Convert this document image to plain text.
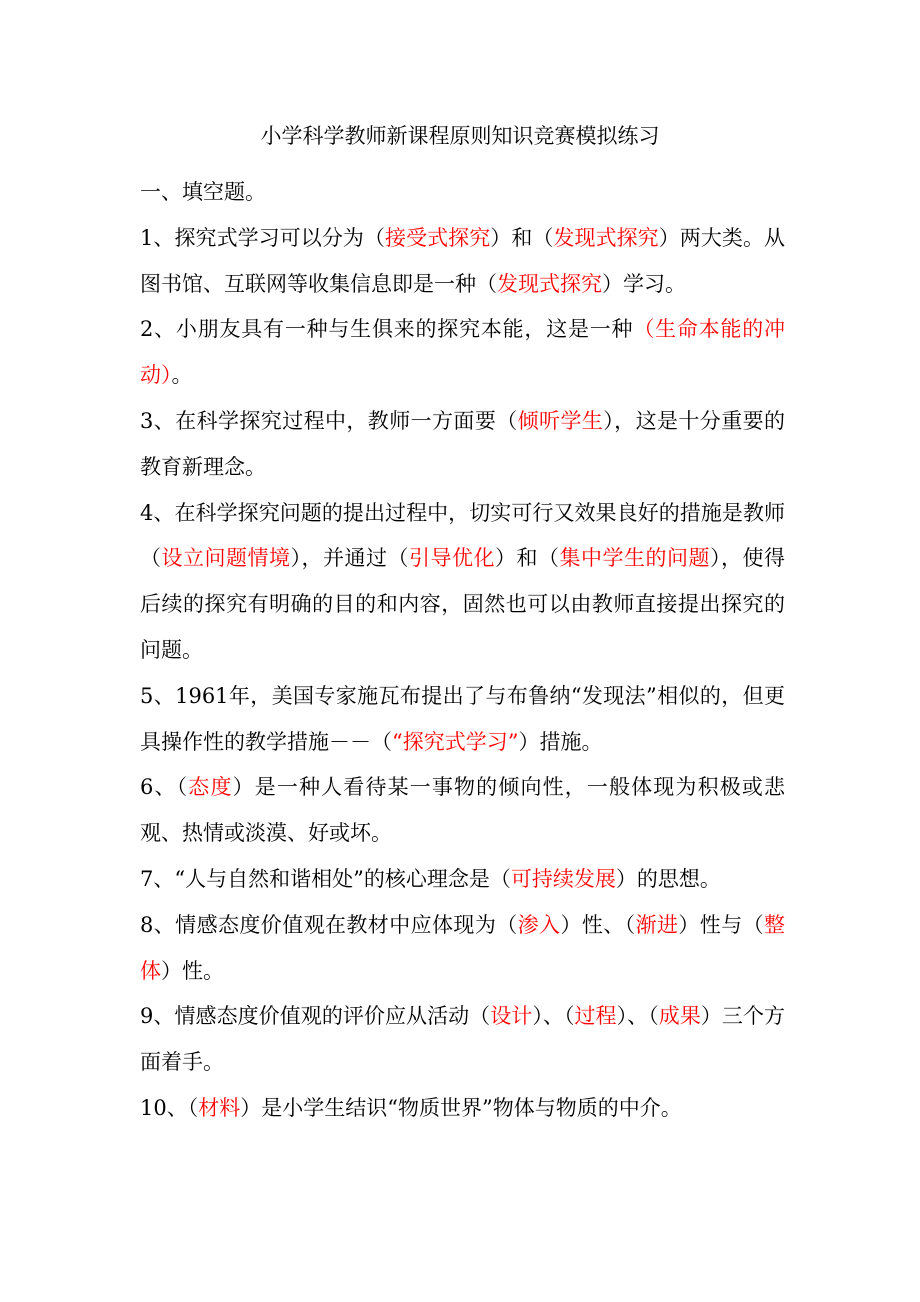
小学科学教师新课程原则知识竞赛模拟练习

一、填空题。

1、探究式学习可以分为（接受式探究）和（发现式探究）两大类。从图书馆、互联网等收集信息即是一种（发现式探究）学习。

2、小朋友具有一种与生俱来的探究本能，这是一种（生命本能的冲动）。

3、在科学探究过程中，教师一方面要（倾听学生），这是十分重要的教育新理念。

4、在科学探究问题的提出过程中，切实可行又效果良好的措施是教师（设立问题情境），并通过（引导优化）和（集中学生的问题），使得后续的探究有明确的目的和内容，固然也可以由教师直接提出探究的问题。

5、1961年，美国专家施瓦布提出了与布鲁纳“发现法”相似的，但更具操作性的教学措施－－（“探究式学习”）措施。

6、（态度）是一种人看待某一事物的倾向性，一般体现为积极或悲观、热情或淡漠、好或坏。

7、“人与自然和谐相处”的核心理念是（可持续发展）的思想。

8、情感态度价值观在教材中应体现为（渗入）性、（渐进）性与（整体）性。

9、情感态度价值观的评价应从活动（设计）、（过程）、（成果）三个方面着手。

10、（材料）是小学生结识“物质世界”物体与物质的中介。
